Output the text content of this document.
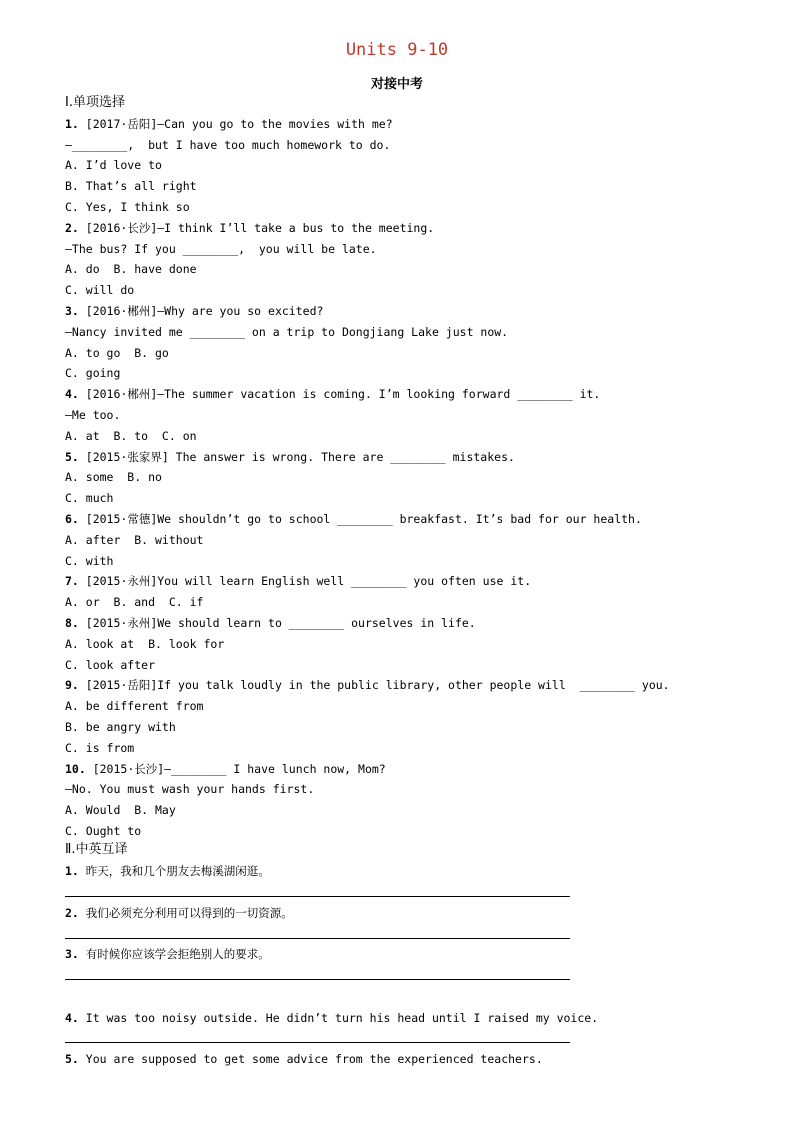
Units 9-10
对接中考
Ⅰ.单项选择
1. [2017·岳阳]—Can you go to the movies with me?
—________,  but I have too much homework to do.
A. I’d love to
B. That’s all right
C. Yes, I think so
2. [2016·长沙]—I think I’ll take a bus to the meeting.
—The bus? If you ________,  you will be late.
A. do  B. have done
C. will do
3. [2016·郴州]—Why are you so excited?
—Nancy invited me ________ on a trip to Dongjiang Lake just now.
A. to go  B. go
C. going
4. [2016·郴州]—The summer vacation is coming. I’m looking forward ________ it.
—Me too.
A. at  B. to  C. on
5. [2015·张家界] The answer is wrong. There are ________ mistakes.
A. some  B. no
C. much
6. [2015·常德]We shouldn’t go to school ________ breakfast. It’s bad for our health.
A. after  B. without
C. with
7. [2015·永州]You will learn English well ________ you often use it.
A. or  B. and  C. if
8. [2015·永州]We should learn to ________ ourselves in life.
A. look at  B. look for
C. look after
9. [2015·岳阳]If you talk loudly in the public library, other people will  ________ you.
A. be different from
B. be angry with
C. is from
10. [2015·长沙]—________ I have lunch now, Mom?
—No. You must wash your hands first.
A. Would  B. May
C. Ought to
Ⅱ.中英互译
1. 昨天，我和几个朋友去梅溪湖闲逛。
2. 我们必须充分利用可以得到的一切资源。
3. 有时候你应该学会拒绝别人的要求。
4. It was too noisy outside. He didn’t turn his head until I raised my voice.
5. You are supposed to get some advice from the experienced teachers.
